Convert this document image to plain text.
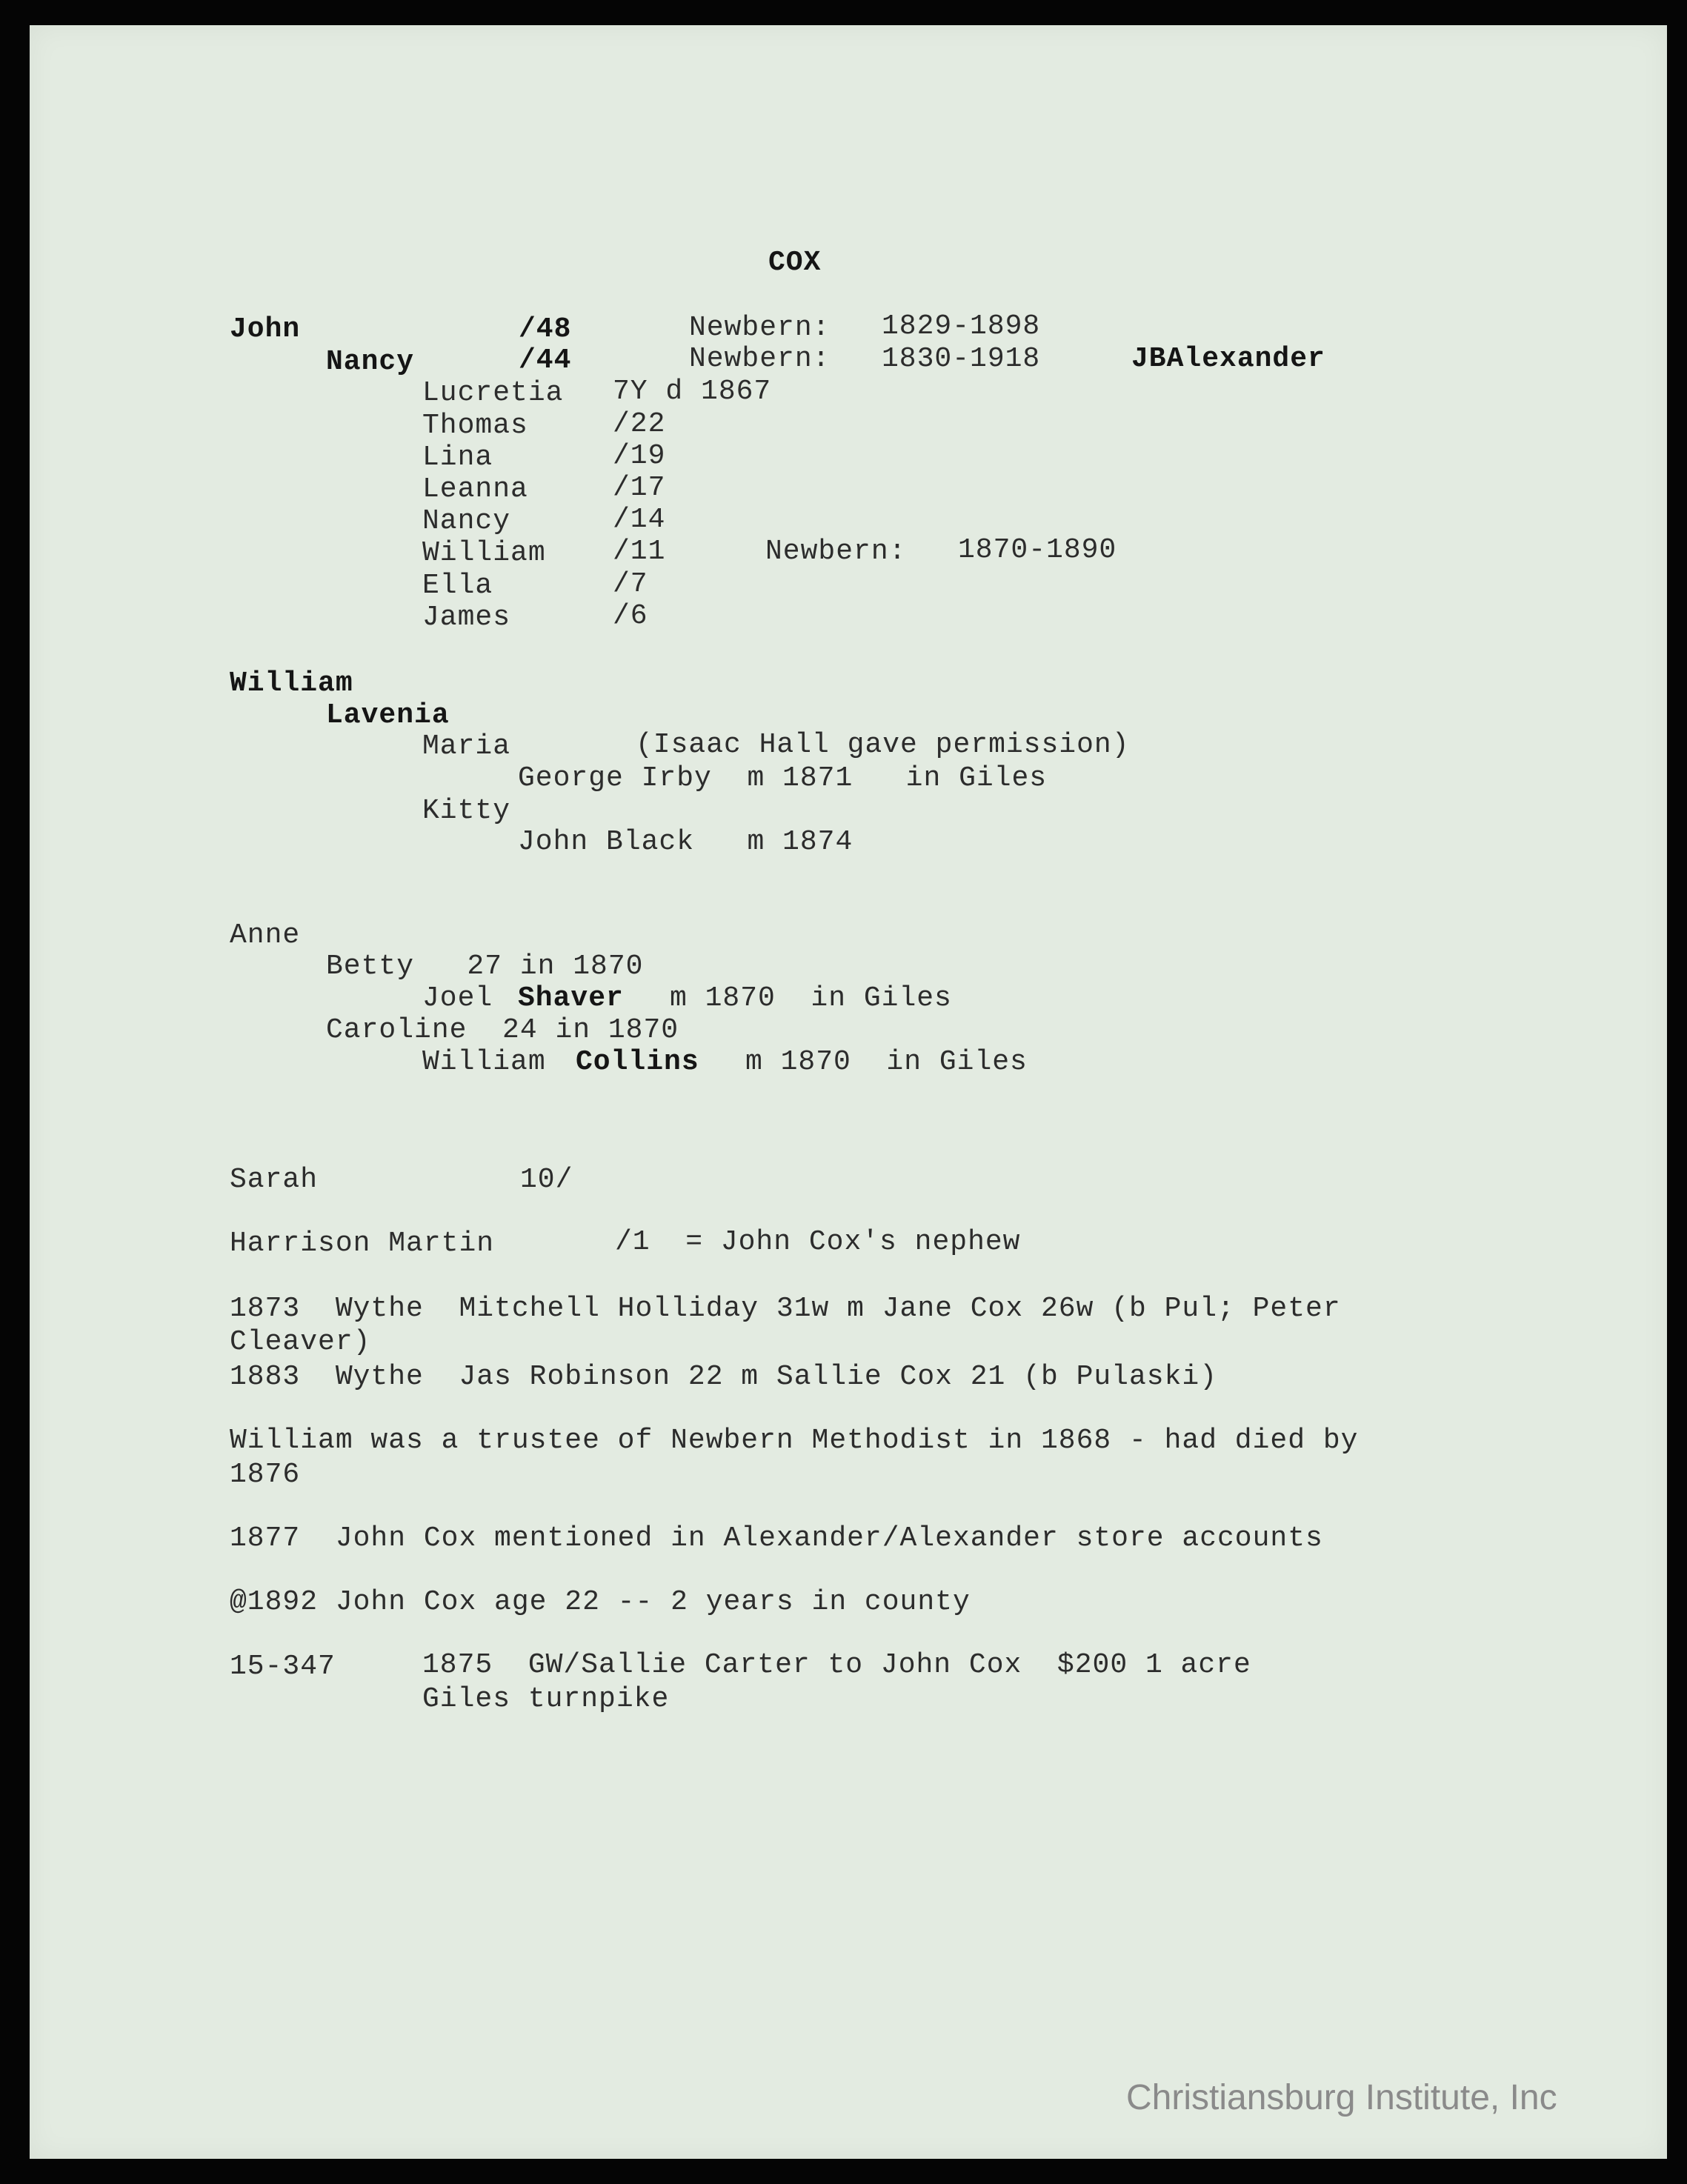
COX
John	/48	Newbern: 1829-1898
Nancy	/44	Newbern: 1830-1918	JBAlexander
Lucretia 7Y d 1867
Thomas	/22
Lina	/19
Leanna	/17
Nancy	/14
William /11	Newbern: 1870-1890
Ella	/7
James	/6
William
Lavenia
Maria	(Isaac Hall gave permission)
George Irby  m 1871   in Giles
Kitty
John Black   m 1874
Anne
Betty   27 in 1870
Joel Shaver m 1870  in Giles
Caroline  24 in 1870
William Collins m 1870  in Giles
Sarah	10/
Harrison Martin	/1  = John Cox's nephew
1873  Wythe  Mitchell Holliday 31w m Jane Cox 26w (b Pul; Peter
Cleaver)
1883  Wythe  Jas Robinson 22 m Sallie Cox 21 (b Pulaski)
William was a trustee of Newbern Methodist in 1868 - had died by
1876
1877  John Cox mentioned in Alexander/Alexander store accounts
@1892 John Cox age 22 -- 2 years in county
15-347	1875  GW/Sallie Carter to John Cox  $200 1 acre
Giles turnpike
Christiansburg Institute, Inc
